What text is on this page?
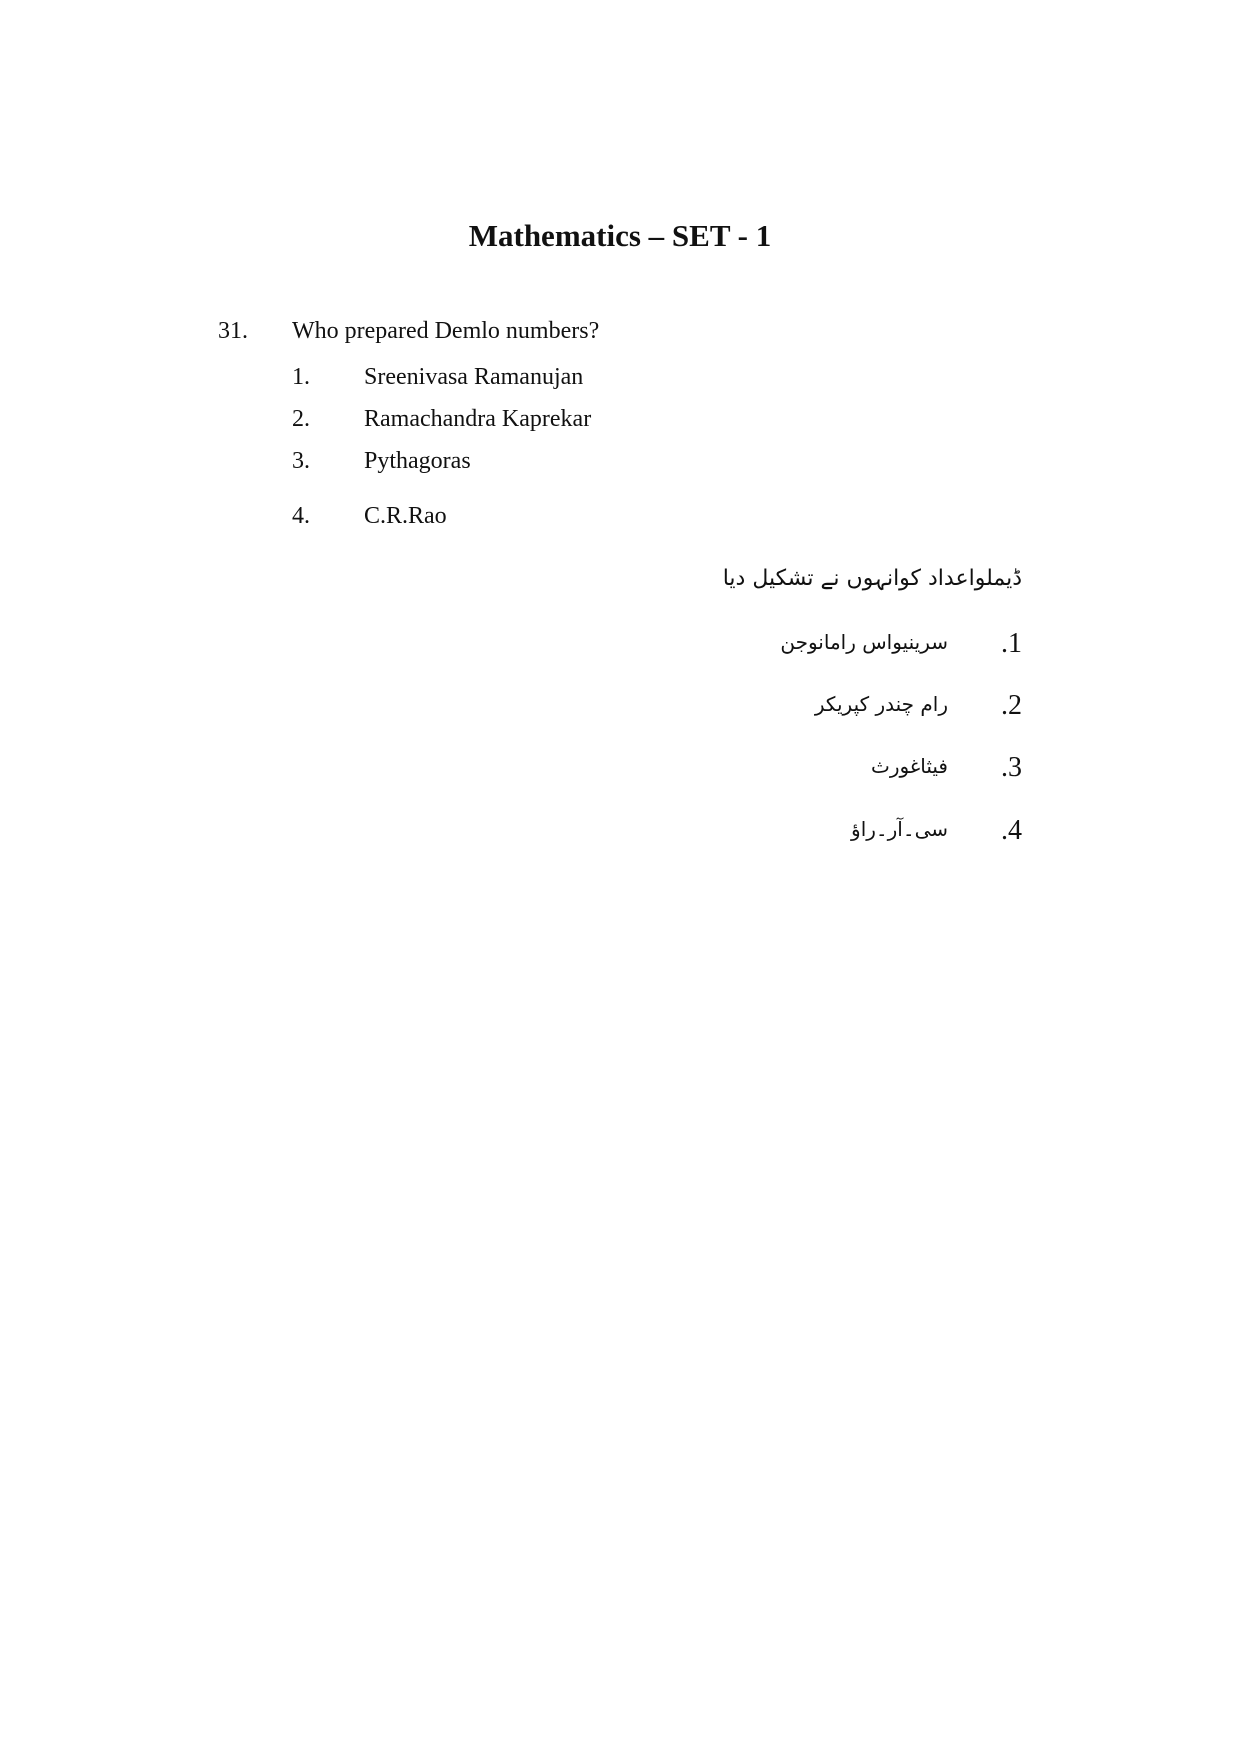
Mathematics – SET - 1
31. Who prepared Demlo numbers?
1. Sreenivasa Ramanujan
2. Ramachandra Kaprekar
3. Pythagoras
4. C.R.Rao
ڈیملواعداد کوانہوں نے تشکیل دیا
.1
سرینیواس رامانوجن
.2
رام چندر کپریکر
.3
فیثاغورث
.4
سی۔آر۔راؤ
